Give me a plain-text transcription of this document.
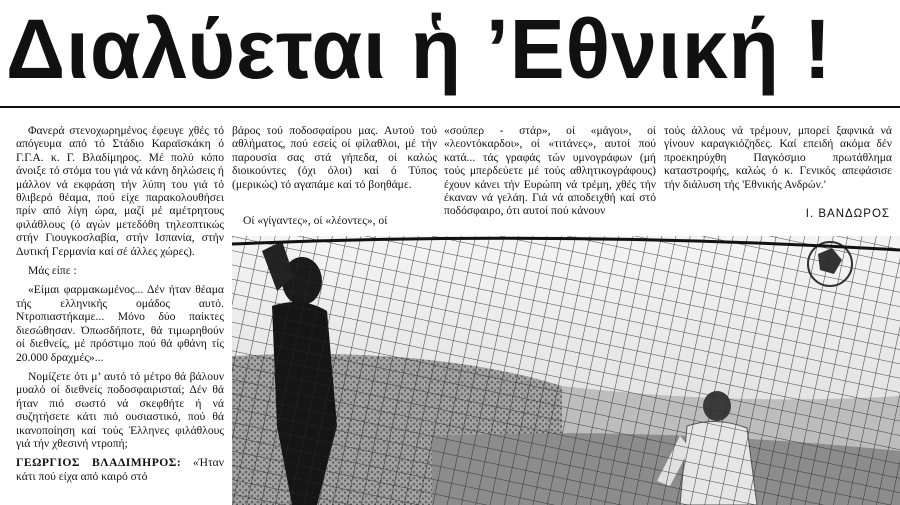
Διαλύεται ἡ ’Εθνική !

Φανερά στενοχωρημένος έφευγε χθές τό απόγευμα από τό Στάδιο Καραϊσκάκη ό Γ.Γ.Α. κ. Γ. Βλαδίμηρος. Μέ πολύ κόπο άνοιξε τό στόμα του γιά νά κάνη δηλώσεις ή μάλλον νά εκφράση τήν λύπη του γιά τό θλιβερό θέαμα, πού είχε παρακολουθήσει πρίν από λίγη ώρα, μαζί μέ αμέτρητους φιλάθλους (ό αγών μετεδόθη τηλεοπτικώς στήν Γιουγκοσλαβία, στήν Ισπανία, στήν Δυτική Γερμανία καί σέ άλλες χώρες).

Μάς είπε :

«Είμαι φαρμακωμένος... Δέν ήταν θέαμα τής ελληνικής ομάδος αυτό. Ντροπιαστήκαμε... Μόνο δύο παίκτες διεσώθησαν. Όπωσδήποτε, θά τιμωρηθούν οί διεθνείς, μέ πρόστιμο πού θά φθάνη τίς 20.000 δραχμές»...

Νομίζετε ότι μ’ αυτό τό μέτρο θά βάλουν μυαλό οί διεθνείς ποδοσφαιρισταί; Δέν θά ήταν πιό σωστό νά σκεφθήτε ή νά συζητήσετε κάτι πιό ουσιαστικό, πού θά ικανοποίηση καί τούς Έλληνες φιλάθλους γιά τήν χθεσινή ντροπή;

ΓΕΩΡΓΙΟΣ ΒΛΑΔΙΜΗΡΟΣ: «Ήταν κάτι πού είχα από καιρό στό

βάρος τού ποδοσφαίρου μας. Αυτού τού αθλήματος, πού εσείς οί φίλαθλοι, μέ τήν παρουσία σας στά γήπεδα, οί καλώς διοικούντες (όχι όλοι) καί ό Τύπος (μερικώς) τό αγαπάμε καί τό βοηθάμε.

Οί «γίγαντες», οί «λέοντες», οί

«σούπερ - στάρ», οί «μάγοι», οί «λεοντόκαρδοι», οί «τιτάνες», αυτοί πού κατά... τάς γραφάς τών υμνογράφων (μή τούς μπερδεύετε μέ τούς αθλητικογράφους) έχουν κάνει τήν Ευρώπη νά τρέμη, χθές τήν έκαναν νά γελάη. Γιά νά αποδειχθή καί στό ποδόσφαιρο, ότι αυτοί πού κάνουν

τούς άλλους νά τρέμουν, μπορεί ξαφνικά νά γίνουν καραγκιόζηδες. Καί επειδή ακόμα δέν προεκηρύχθη Παγκόσμιο πρωτάθλημα καταστροφής, καλώς ό κ. Γενικός απεφάσισε τήν διάλυση τής 'Εθνικής Ανδρών.'

Ι. ΒΑΝΔΩΡΟΣ
